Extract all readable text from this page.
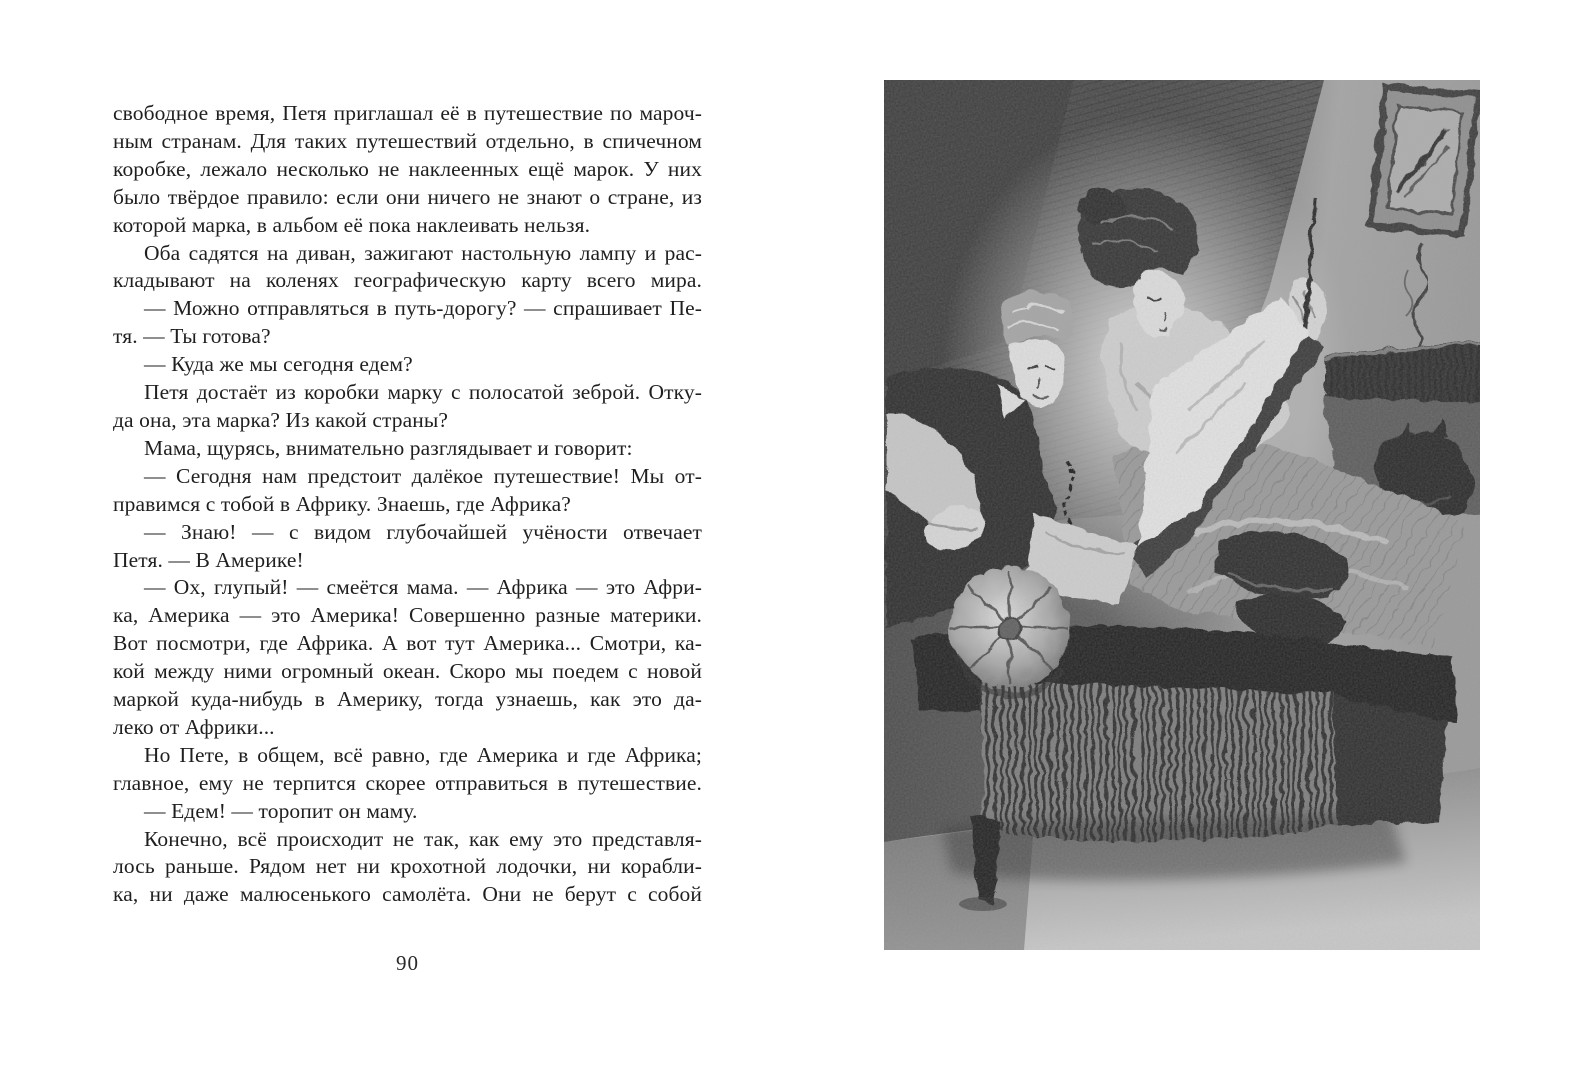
свободное время, Петя приглашал её в путешествие по мароч-
ным странам. Для таких путешествий отдельно, в спичечном
коробке, лежало несколько не наклеенных ещё марок. У них
было твёрдое правило: если они ничего не знают о стране, из
которой марка, в альбом её пока наклеивать нельзя.
Оба садятся на диван, зажигают настольную лампу и рас-
кладывают на коленях географическую карту всего мира.
— Можно отправляться в путь-дорогу? — спрашивает Пе-
тя. — Ты готова?
— Куда же мы сегодня едем?
Петя достаёт из коробки марку с полосатой зеброй. Отку-
да она, эта марка? Из какой страны?
Мама, щурясь, внимательно разглядывает и говорит:
— Сегодня нам предстоит далёкое путешествие! Мы от-
правимся с тобой в Африку. Знаешь, где Африка?
— Знаю! — с видом глубочайшей учёности отвечает
Петя. — В Америке!
— Ох, глупый! — смеётся мама. — Африка — это Афри-
ка, Америка — это Америка! Совершенно разные материки.
Вот посмотри, где Африка. А вот тут Америка... Смотри, ка-
кой между ними огромный океан. Скоро мы поедем с новой
маркой куда-нибудь в Америку, тогда узнаешь, как это да-
леко от Африки...
Но Пете, в общем, всё равно, где Америка и где Африка;
главное, ему не терпится скорее отправиться в путешествие.
— Едем! — торопит он маму.
Конечно, всё происходит не так, как ему это представля-
лось раньше. Рядом нет ни крохотной лодочки, ни корабли-
ка, ни даже малюсенького самолёта. Они не берут с собой
90
